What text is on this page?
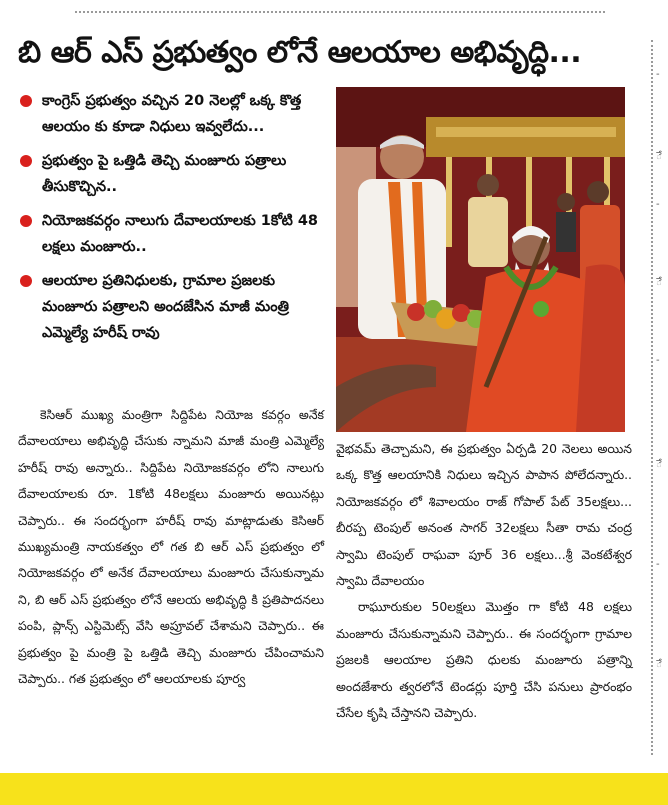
-
ే
-
ే
-
ే
-
ే
బి ఆర్ ఎస్ ప్రభుత్వం లోనే ఆలయాల అభివృద్ధి...
కాంగ్రెస్ ప్రభుత్వం వచ్చిన 20 నెలల్లో ఒక్క కొత్త ఆలయం కు కూడా నిధులు ఇవ్వలేదు...
ప్రభుత్వం పై ఒత్తిడి తెచ్చి మంజూరు పత్రాలు తీసుకొచ్చిన..
నియోజకవర్గం నాలుగు దేవాలయాలకు 1కోటి 48 లక్షలు మంజూరు..
ఆలయాల ప్రతినిధులకు, గ్రామాల ప్రజలకు మంజూరు పత్రాలని అందజేసిన మాజీ మంత్రి ఎమ్మెల్యే హరీష్ రావు
కెసిఆర్ ముఖ్య మంత్రిగా సిద్దిపేట నియోజ కవర్గం అనేక దేవాలయాలు అభివృద్ధి చేసుకు న్నామని మాజీ మంత్రి ఎమ్మెల్యే హరీష్ రావు అన్నారు.. సిద్దిపేట నియోజకవర్గం లోని నాలుగు దేవాలయాలకు రూ. 1కోటి 48లక్షలు మంజూరు అయినట్లు చెప్పారు.. ఈ సందర్భంగా హరీష్ రావు మాట్లాడుతు కెసిఆర్ ముఖ్యమంత్రి నాయకత్వం లో గత బి ఆర్ ఎస్ ప్రభుత్వం లో నియోజకవర్గం లో అనేక దేవాలయాలు మంజూరు చేసుకున్నామ ని, బి ఆర్ ఎస్ ప్రభుత్వం లోనే ఆలయ అభివృద్ధి కి ప్రతిపాదనలు పంపి, ప్లాన్స్ ఎస్టిమెట్స్ వేసి అప్రూవల్ చేశామని చెప్పారు.. ఈ ప్రభుత్వం పై మంత్రి పై ఒత్తిడి తెచ్చి మంజూరు చేపించామని చెప్పారు.. గత ప్రభుత్వం లో ఆలయాలకు పూర్వ
వైభవమ్ తెచ్చామని, ఈ ప్రభుత్వం ఏర్పడి 20 నెలలు అయిన ఒక్క కొత్త ఆలయానికి నిధులు ఇచ్చిన పాపాన పోలేదన్నారు.. నియోజకవర్గం లో శివాలయం రాజ్ గోపాల్ పేట్ 35లక్షలు... బీరప్ప టెంపుల్ అనంత సాగర్ 32లక్షలు సీతా రామ చంద్ర స్వామి టెంపుల్ రాఘవా పూర్ 36 లక్షలు...శ్రీ వెంకటేశ్వర స్వామి దేవాలయం
రాఘూరుకుల 50లక్షలు మొత్తం గా కోటి 48 లక్షలు మంజూరు చేసుకున్నామని చెప్పారు.. ఈ సందర్భంగా గ్రామాల ప్రజలకి ఆలయాల ప్రతిని ధులకు మంజూరు పత్రాన్ని అందజేశారు త్వరలోనే టెండర్లు పూర్తి చేసి పనులు ప్రారంభం చేసేల కృషి చేస్తానని చెప్పారు.
